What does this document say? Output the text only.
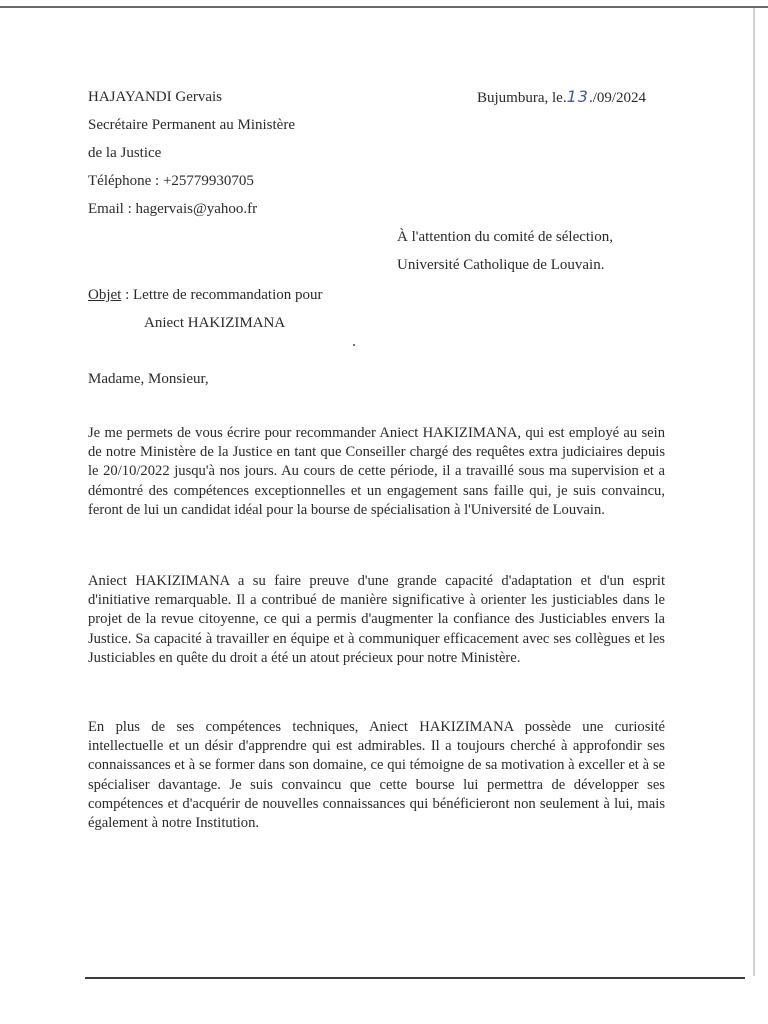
HAJAYANDI Gervais
Secrétaire Permanent au Ministère
de la Justice
Téléphone : +25779930705
Email : hagervais@yahoo.fr
Bujumbura, le.13./09/2024
À l'attention du comité de sélection,
Université Catholique de Louvain.
Objet : Lettre de recommandation pour
Aniect HAKIZIMANA
Madame, Monsieur,
Je me permets de vous écrire pour recommander Aniect HAKIZIMANA, qui est employé au sein de notre Ministère de la Justice en tant que Conseiller chargé des requêtes extra judiciaires depuis le 20/10/2022 jusqu'à nos jours. Au cours de cette période, il a travaillé sous ma supervision et a démontré des compétences exceptionnelles et un engagement sans faille qui, je suis convaincu, feront de lui un candidat idéal pour la bourse de spécialisation à l'Université de Louvain.
Aniect HAKIZIMANA a su faire preuve d'une grande capacité d'adaptation et d'un esprit d'initiative remarquable. Il a contribué de manière significative à orienter les justiciables dans le projet de la revue citoyenne, ce qui a permis d'augmenter la confiance des Justiciables envers la Justice. Sa capacité à travailler en équipe et à communiquer efficacement avec ses collègues et les Justiciables en quête du droit a été un atout précieux pour notre Ministère.
En plus de ses compétences techniques, Aniect HAKIZIMANA possède une curiosité intellectuelle et un désir d'apprendre qui est admirables. Il a toujours cherché à approfondir ses connaissances et à se former dans son domaine, ce qui témoigne de sa motivation à exceller et à se spécialiser davantage. Je suis convaincu que cette bourse lui permettra de développer ses compétences et d'acquérir de nouvelles connaissances qui bénéficieront non seulement à lui, mais également à notre Institution.
